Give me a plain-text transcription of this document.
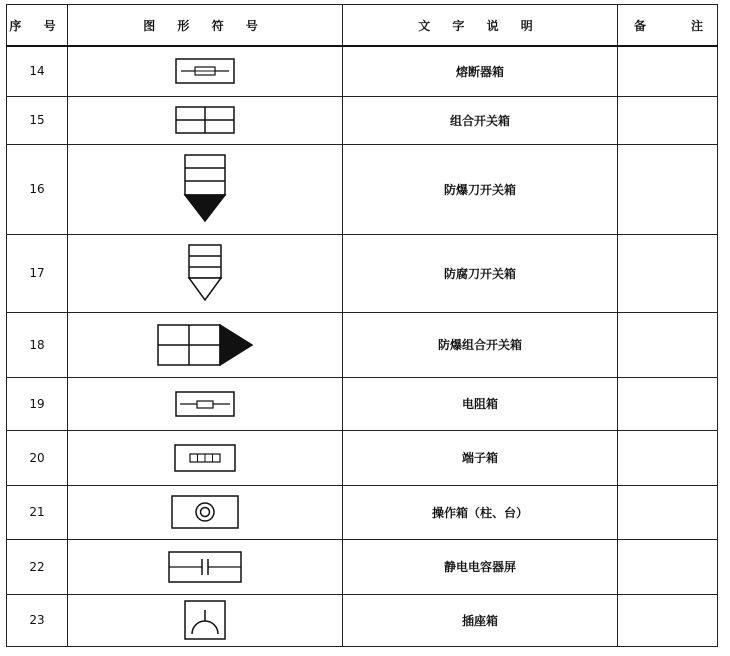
序 号	图 形 符 号	文 字 说 明	备 注

14		熔断器箱	
15		组合开关箱	
16		防爆刀开关箱	
17		防腐刀开关箱	
18		防爆组合开关箱	
19		电阻箱	
20		端子箱	
21		操作箱（柱、台）	
22		静电电容器屏	
23		插座箱	
